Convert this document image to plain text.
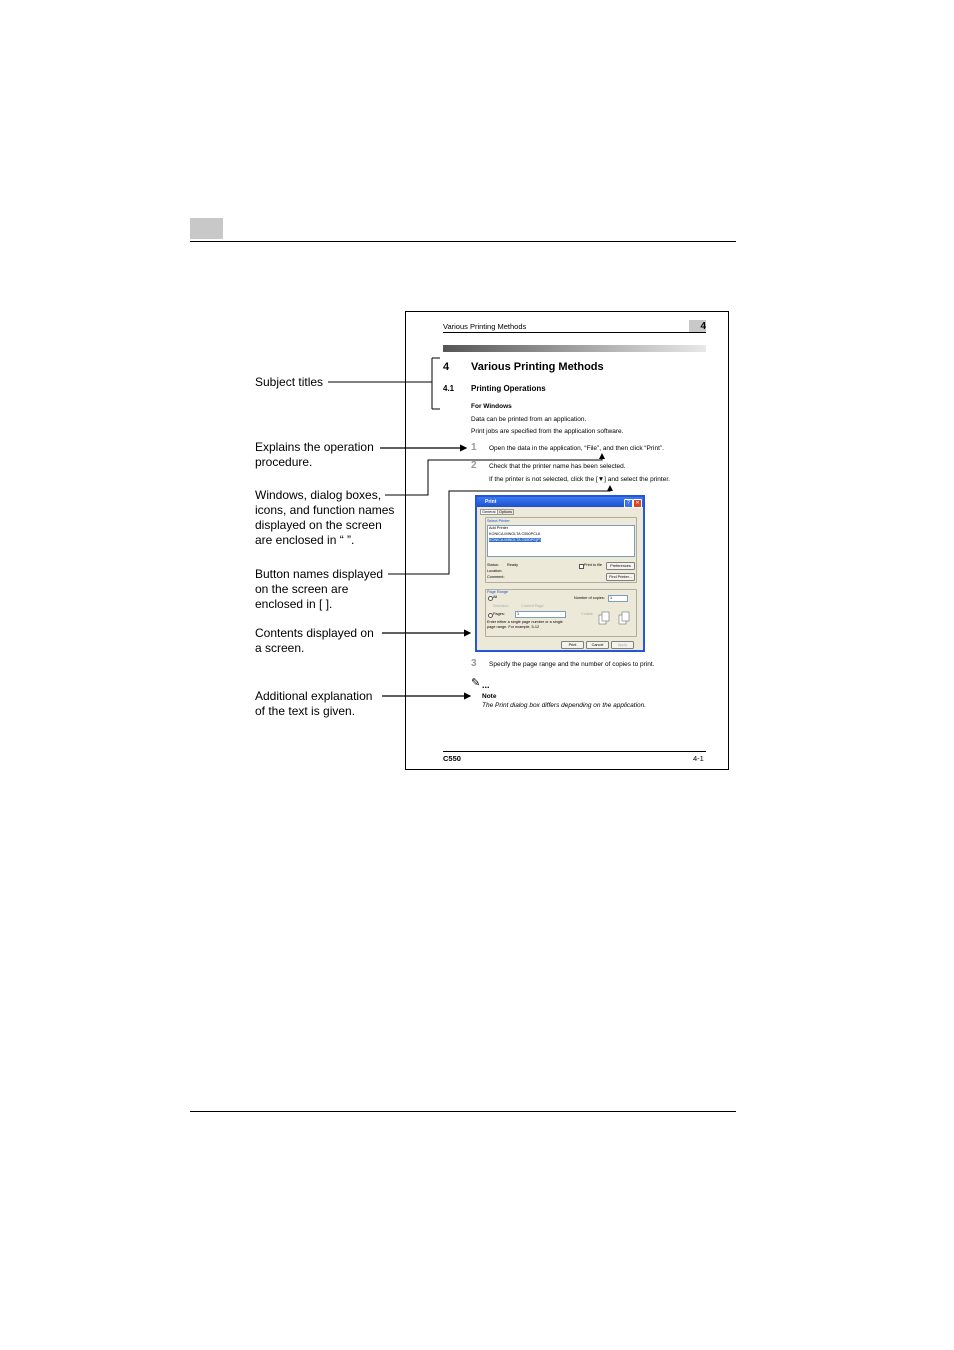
Subject titles
Explains the operation
procedure.
Windows, dialog boxes,
icons, and function names
displayed on the screen
are enclosed in “ ”.
Button names displayed
on the screen are
enclosed in [ ].
Contents displayed on
a screen.
Additional explanation
of the text is given.
Various Printing Methods	4
4 Various Printing Methods
4.1 Printing Operations
For Windows
Data can be printed from an application.
Print jobs are specified from the application software.
1 Open the data in the application, “File”, and then click “Print”.
2 Check that the printer name has been selected.
If the printer is not selected, click the [▼] and select the printer.
Print	?	✕
General Options
Select Printer
Add Printer
KONICA MINOLTA C550PCL6
KONICA MINOLTA C550PS(P)
Status: Ready
Location:
Comment:
Print to file	Preferences
Find Printer...
Page Range
All
Selection	Current Page
Pages:	1
Enter either a single page number or a single
page range. For example, 5-12
Number of copies:	1
Collate
Print	Cancel	Apply
3 Specify the page range and the number of copies to print.
✎ ...
Note
The Print dialog box differs depending on the application.
C550	4-1
